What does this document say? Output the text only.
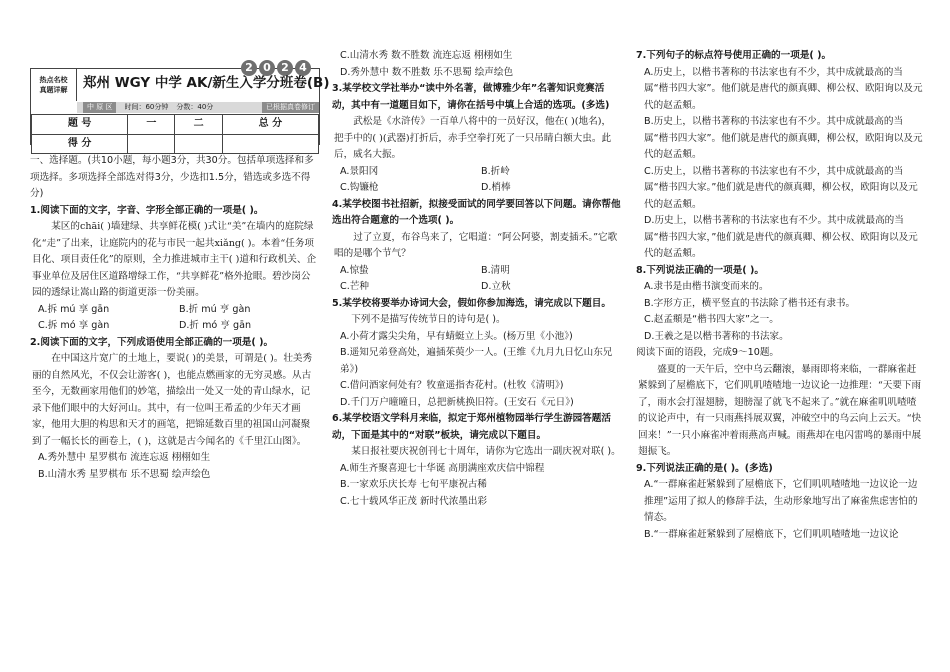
2 0 2 4
热点名校
真题详解	郑州 WGY 中学 AK/新生入学分班卷(B)
中 原 区	时间：60分钟 分数：40分	已根据真卷修订
题 号	一	二	总 分
得 分			
一、选择题。(共10小题，每小题3分，共30分。包括单项选择和多项选择。多项选择全部选对得3分，少选扣1.5分，错选或多选不得分)
1.阅读下面的文字，字音、字形全部正确的一项是( )。
某区的chāi( )墙建绿、共享鲜花模( )式让“美”在墙内的庭院绿化“走”了出来，让庭院内的花与市民一起共xiǎng( )。本着“任务项目化、项目责任化”的原则，全力推进城市主干( )道和行政机关、企事业单位及居住区道路增绿工作，“共享鲜花”格外抢眼。碧沙岗公园的透绿让嵩山路的街道更添一份美丽。
A.拆 mú 享 gān	B.折 mú 亨 gàn
C.拆 mó 享 gàn	D.折 mó 亨 gān
2.阅读下面的文字，下列成语使用全部正确的一项是( )。
在中国这片宽广的土地上，要说( )的美景，可谓是( )。壮美秀丽的自然风光，不仅会让游客( )，也能点燃画家的无穷灵感。从古至今，无数画家用他们的妙笔，描绘出一处又一处的青山绿水，记录下他们眼中的大好河山。其中，有一位叫王希孟的少年天才画家，他用大胆的构思和天才的画笔，把锦延数百里的祖国山河凝聚到了一幅长长的画卷上，( )，这就是古今闻名的《千里江山图》。
A.秀外慧中 星罗棋布 流连忘返 栩栩如生
B.山清水秀 星罗棋布 乐不思蜀 绘声绘色
C.山清水秀 数不胜数 流连忘返 栩栩如生
D.秀外慧中 数不胜数 乐不思蜀 绘声绘色
3.某学校文学社举办“读中外名著，做博雅少年”名著知识竞赛活动，其中有一道题目如下，请你在括号中填上合适的选项。(多选)
武松是《水浒传》一百单八将中的一员好汉，他在( )(地名)，把手中的( )(武器)打折后，赤手空拳打死了一只吊睛白额大虫。此后，威名大振。
A.景阳冈	B.折岭
C.钩镰枪	D.梢棒
4.某学校图书社招新，拟接受面试的同学要回答以下问题。请你帮他选出符合题意的一个选项( )。
过了立夏，布谷鸟来了，它唱道：“阿公阿婆，割麦插禾。”它歌唱的是哪个节气？
A.惊蛰	B.清明
C.芒种	D.立秋
5.某学校将要举办诗词大会，假如你参加海选，请完成以下题目。
下列不是描写传统节日的诗句是( )。
A.小荷才露尖尖角，早有蜻蜓立上头。(杨万里《小池》)
B.遥知兄弟登高处，遍插茱萸少一人。(王维《九月九日忆山东兄弟》)
C.借问酒家何处有？牧童遥指杏花村。(杜牧《清明》)
D.千门万户曈曈日，总把新桃换旧符。(王安石《元日》)
6.某学校语文学科月来临，拟定于郑州植物园举行学生游园答题活动，下面是其中的“对联”板块，请完成以下题目。
某日报社要庆祝创刊七十周年，请你为它选出一副庆祝对联( )。
A.师生齐聚喜迎七十华诞 高朋满座欢庆信中锦程
B.一家欢乐庆长寿 七旬平康祝古稀
C.七十载风华正茂 新时代浓墨出彩
7.下列句子的标点符号使用正确的一项是( )。
A.历史上，以楷书著称的书法家也有不少，其中成就最高的当属“楷书四大家”。他们就是唐代的颜真卿、柳公权、欧阳询以及元代的赵孟頫。
B.历史上，以楷书著称的书法家也有不少。其中成就最高的当属“楷书四大家”。他们就是唐代的颜真卿，柳公权，欧阳询以及元代的赵孟頫。
C.历史上，以楷书著称的书法家也有不少，其中成就最高的当属“楷书四大家。”他们就是唐代的颜真卿，柳公权，欧阳询以及元代的赵孟頫。
D.历史上，以楷书著称的书法家也有不少。其中成就最高的当属“楷书四大家，”他们就是唐代的颜真卿、柳公权、欧阳询以及元代的赵孟頫。
8.下列说法正确的一项是( )。
A.隶书是由楷书演变而来的。
B.字形方正，横平竖直的书法除了楷书还有隶书。
C.赵孟頫是“楷书四大家”之一。
D.王羲之是以楷书著称的书法家。
阅读下面的语段，完成9～10题。
盛夏的一天午后，空中乌云翻滚，暴雨即将来临，一群麻雀赶紧躲到了屋檐底下，它们叽叽喳喳地一边议论一边推理：“天要下雨了，雨水会打湿翅膀，翅膀湿了就飞不起来了。”就在麻雀叽叽喳喳的议论声中，有一只雨燕抖展双翼，冲破空中的乌云向上云天。“快回来！”一只小麻雀冲着雨燕高声喊。雨燕却在电闪雷鸣的暴雨中展翅振飞。
9.下列说法正确的是( )。(多选)
A.“一群麻雀赶紧躲到了屋檐底下，它们叽叽喳喳地一边议论一边推理”运用了拟人的修辞手法，生动形象地写出了麻雀焦虑害怕的情态。
B.“一群麻雀赶紧躲到了屋檐底下，它们叽叽喳喳地一边议论
